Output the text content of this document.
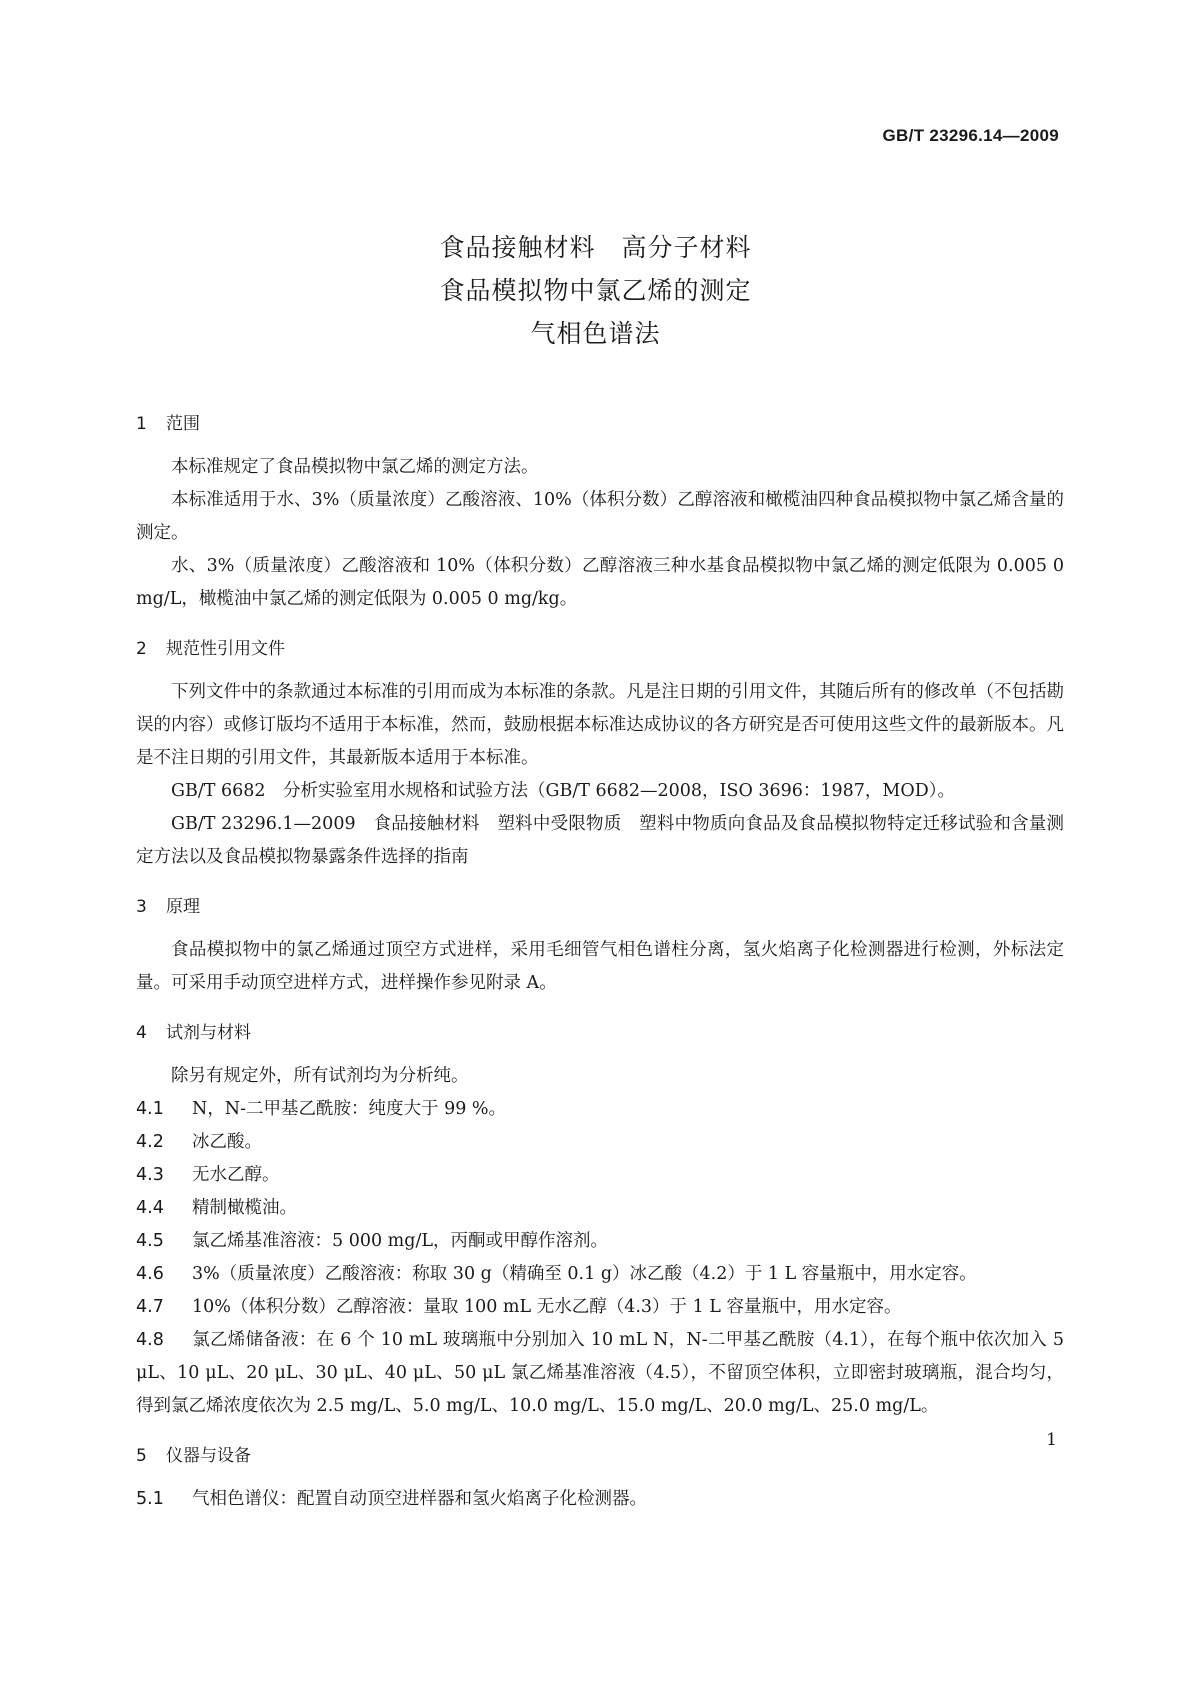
GB/T 23296.14—2009
食品接触材料　高分子材料
食品模拟物中氯乙烯的测定
气相色谱法
1 范围

本标准规定了食品模拟物中氯乙烯的测定方法。

本标准适用于水、3%（质量浓度）乙酸溶液、10%（体积分数）乙醇溶液和橄榄油四种食品模拟物中氯乙烯含量的测定。

水、3%（质量浓度）乙酸溶液和 10%（体积分数）乙醇溶液三种水基食品模拟物中氯乙烯的测定低限为 0.005 0 mg/L，橄榄油中氯乙烯的测定低限为 0.005 0 mg/kg。

2 规范性引用文件

下列文件中的条款通过本标准的引用而成为本标准的条款。凡是注日期的引用文件，其随后所有的修改单（不包括勘误的内容）或修订版均不适用于本标准，然而，鼓励根据本标准达成协议的各方研究是否可使用这些文件的最新版本。凡是不注日期的引用文件，其最新版本适用于本标准。

GB/T 6682　分析实验室用水规格和试验方法（GB/T 6682—2008，ISO 3696：1987，MOD）。

GB/T 23296.1—2009　食品接触材料　塑料中受限物质　塑料中物质向食品及食品模拟物特定迁移试验和含量测定方法以及食品模拟物暴露条件选择的指南

3 原理

食品模拟物中的氯乙烯通过顶空方式进样，采用毛细管气相色谱柱分离，氢火焰离子化检测器进行检测，外标法定量。可采用手动顶空进样方式，进样操作参见附录 A。

4 试剂与材料

除另有规定外，所有试剂均为分析纯。

4.1 N，N-二甲基乙酰胺：纯度大于 99 %。

4.2 冰乙酸。

4.3 无水乙醇。

4.4 精制橄榄油。

4.5 氯乙烯基准溶液：5 000 mg/L，丙酮或甲醇作溶剂。

4.6 3%（质量浓度）乙酸溶液：称取 30 g（精确至 0.1 g）冰乙酸（4.2）于 1 L 容量瓶中，用水定容。

4.7 10%（体积分数）乙醇溶液：量取 100 mL 无水乙醇（4.3）于 1 L 容量瓶中，用水定容。

4.8 氯乙烯储备液：在 6 个 10 mL 玻璃瓶中分别加入 10 mL N，N-二甲基乙酰胺（4.1），在每个瓶中依次加入 5 μL、10 μL、20 μL、30 μL、40 μL、50 μL 氯乙烯基准溶液（4.5），不留顶空体积，立即密封玻璃瓶，混合均匀，得到氯乙烯浓度依次为 2.5 mg/L、5.0 mg/L、10.0 mg/L、15.0 mg/L、20.0 mg/L、25.0 mg/L。

5 仪器与设备

5.1 气相色谱仪：配置自动顶空进样器和氢火焰离子化检测器。

1
